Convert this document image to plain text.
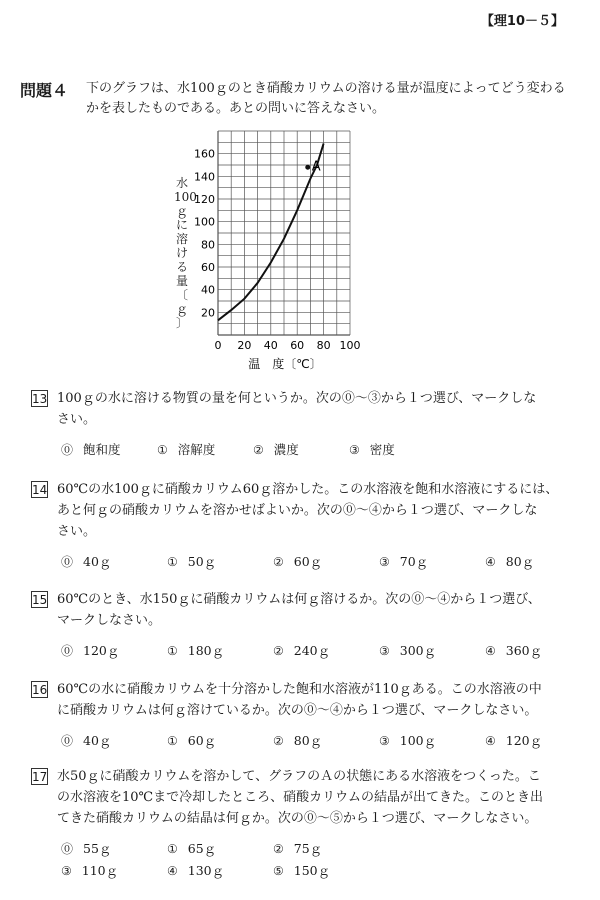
【理10－５】
問題４ 下のグラフは、水100ｇのとき硝酸カリウムの溶ける量が温度によってどう変わるかを表したものである。あとの問いに答えなさい。
水
100
ｇ
に
溶
け
る
量
〔
ｇ
〕
0 20 40 60 80 100
20
40
60
80
100
120
140
160
A
温　度〔℃〕
13 100ｇの水に溶ける物質の量を何というか。次の⓪～③から１つ選び、マークしな
さい。
⓪ 飽和度	① 溶解度	② 濃度	③ 密度
14 60℃の水100ｇに硝酸カリウム60ｇ溶かした。この水溶液を飽和水溶液にするには、
あと何ｇの硝酸カリウムを溶かせばよいか。次の⓪～④から１つ選び、マークしな
さい。
⓪ 40ｇ	① 50ｇ	② 60ｇ	③ 70ｇ	④ 80ｇ
15 60℃のとき、水150ｇに硝酸カリウムは何ｇ溶けるか。次の⓪～④から１つ選び、
マークしなさい。
⓪ 120ｇ	① 180ｇ	② 240ｇ	③ 300ｇ	④ 360ｇ
16 60℃の水に硝酸カリウムを十分溶かした飽和水溶液が110ｇある。この水溶液の中
に硝酸カリウムは何ｇ溶けているか。次の⓪～④から１つ選び、マークしなさい。
⓪ 40ｇ	① 60ｇ	② 80ｇ	③ 100ｇ	④ 120ｇ
17 水50ｇに硝酸カリウムを溶かして、グラフのＡの状態にある水溶液をつくった。こ
の水溶液を10℃まで冷却したところ、硝酸カリウムの結晶が出てきた。このとき出
てきた硝酸カリウムの結晶は何ｇか。次の⓪～⑤から１つ選び、マークしなさい。
⓪ 55ｇ	① 65ｇ	② 75ｇ
③ 110ｇ	④ 130ｇ	⑤ 150ｇ
